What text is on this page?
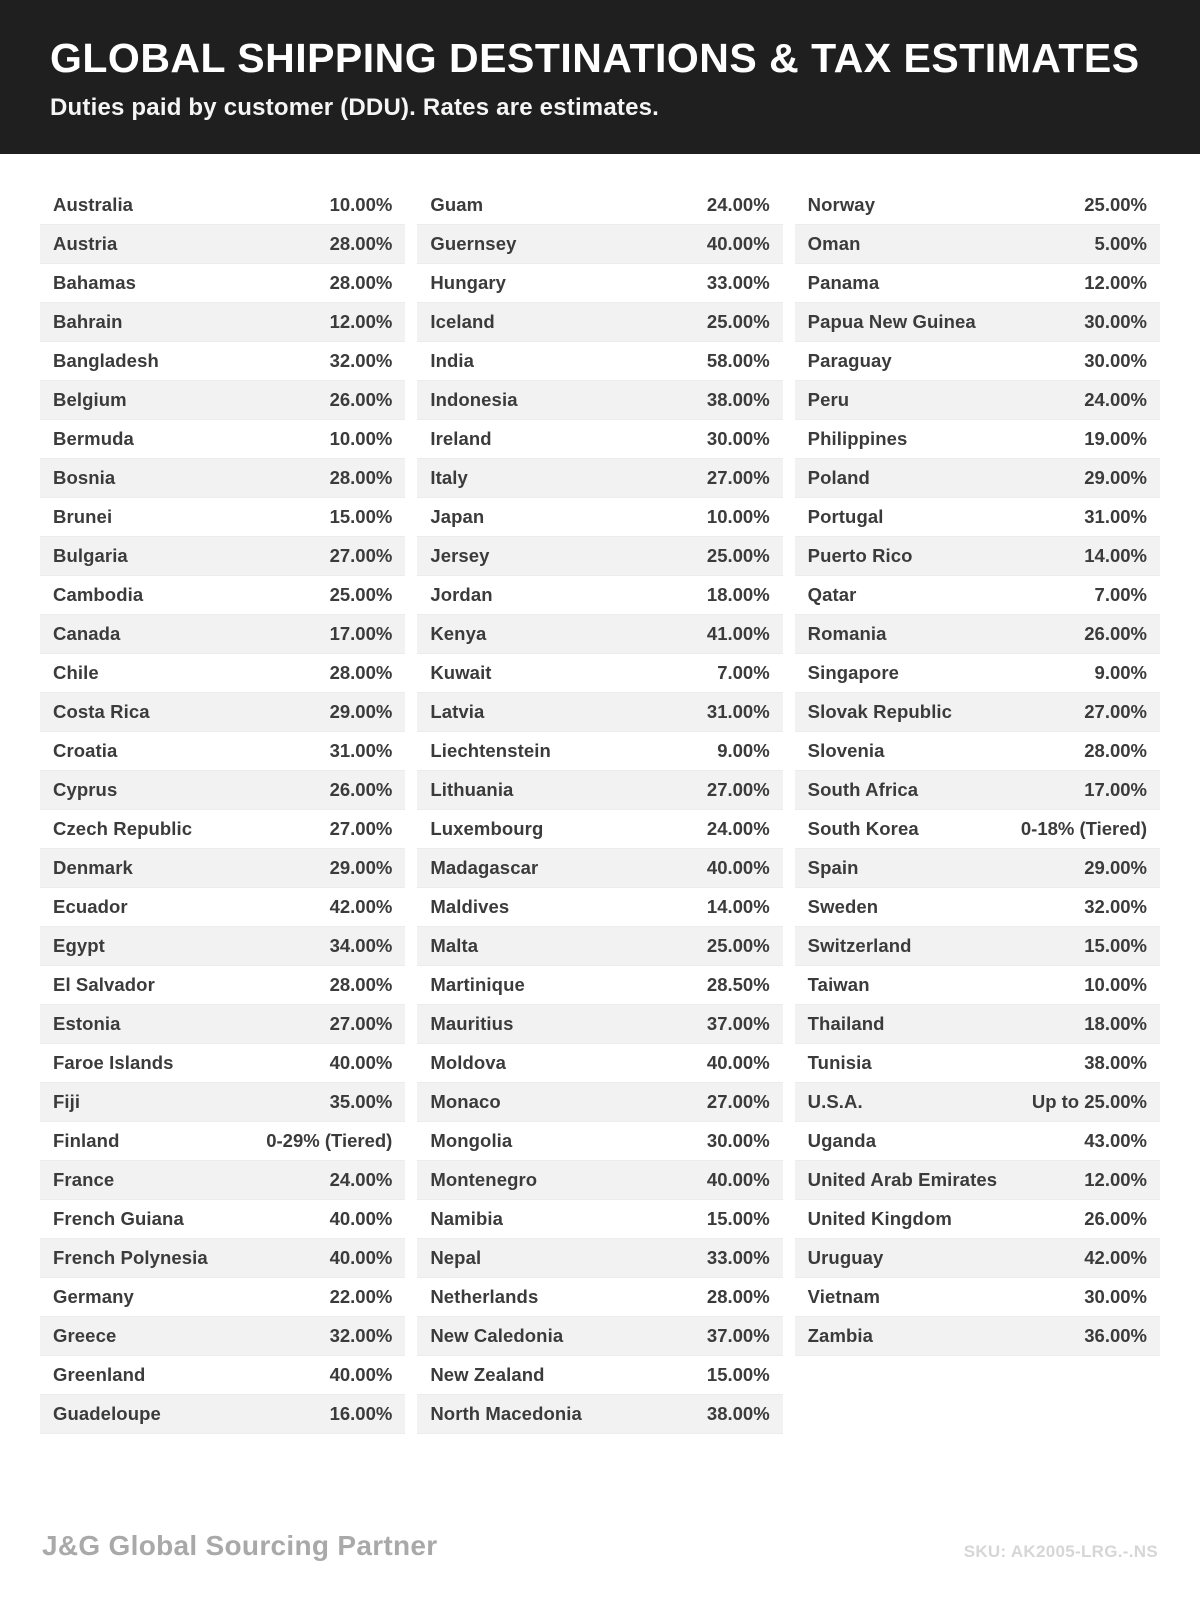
GLOBAL SHIPPING DESTINATIONS & TAX ESTIMATES
Duties paid by customer (DDU). Rates are estimates.
Australia	10.00%
Austria	28.00%
Bahamas	28.00%
Bahrain	12.00%
Bangladesh	32.00%
Belgium	26.00%
Bermuda	10.00%
Bosnia	28.00%
Brunei	15.00%
Bulgaria	27.00%
Cambodia	25.00%
Canada	17.00%
Chile	28.00%
Costa Rica	29.00%
Croatia	31.00%
Cyprus	26.00%
Czech Republic	27.00%
Denmark	29.00%
Ecuador	42.00%
Egypt	34.00%
El Salvador	28.00%
Estonia	27.00%
Faroe Islands	40.00%
Fiji	35.00%
Finland	0-29% (Tiered)
France	24.00%
French Guiana	40.00%
French Polynesia	40.00%
Germany	22.00%
Greece	32.00%
Greenland	40.00%
Guadeloupe	16.00%
Guam	24.00%
Guernsey	40.00%
Hungary	33.00%
Iceland	25.00%
India	58.00%
Indonesia	38.00%
Ireland	30.00%
Italy	27.00%
Japan	10.00%
Jersey	25.00%
Jordan	18.00%
Kenya	41.00%
Kuwait	7.00%
Latvia	31.00%
Liechtenstein	9.00%
Lithuania	27.00%
Luxembourg	24.00%
Madagascar	40.00%
Maldives	14.00%
Malta	25.00%
Martinique	28.50%
Mauritius	37.00%
Moldova	40.00%
Monaco	27.00%
Mongolia	30.00%
Montenegro	40.00%
Namibia	15.00%
Nepal	33.00%
Netherlands	28.00%
New Caledonia	37.00%
New Zealand	15.00%
North Macedonia	38.00%
Norway	25.00%
Oman	5.00%
Panama	12.00%
Papua New Guinea	30.00%
Paraguay	30.00%
Peru	24.00%
Philippines	19.00%
Poland	29.00%
Portugal	31.00%
Puerto Rico	14.00%
Qatar	7.00%
Romania	26.00%
Singapore	9.00%
Slovak Republic	27.00%
Slovenia	28.00%
South Africa	17.00%
South Korea	0-18% (Tiered)
Spain	29.00%
Sweden	32.00%
Switzerland	15.00%
Taiwan	10.00%
Thailand	18.00%
Tunisia	38.00%
U.S.A.	Up to 25.00%
Uganda	43.00%
United Arab Emirates	12.00%
United Kingdom	26.00%
Uruguay	42.00%
Vietnam	30.00%
Zambia	36.00%
J&G Global Sourcing Partner	SKU: AK2005-LRG.-.NS
